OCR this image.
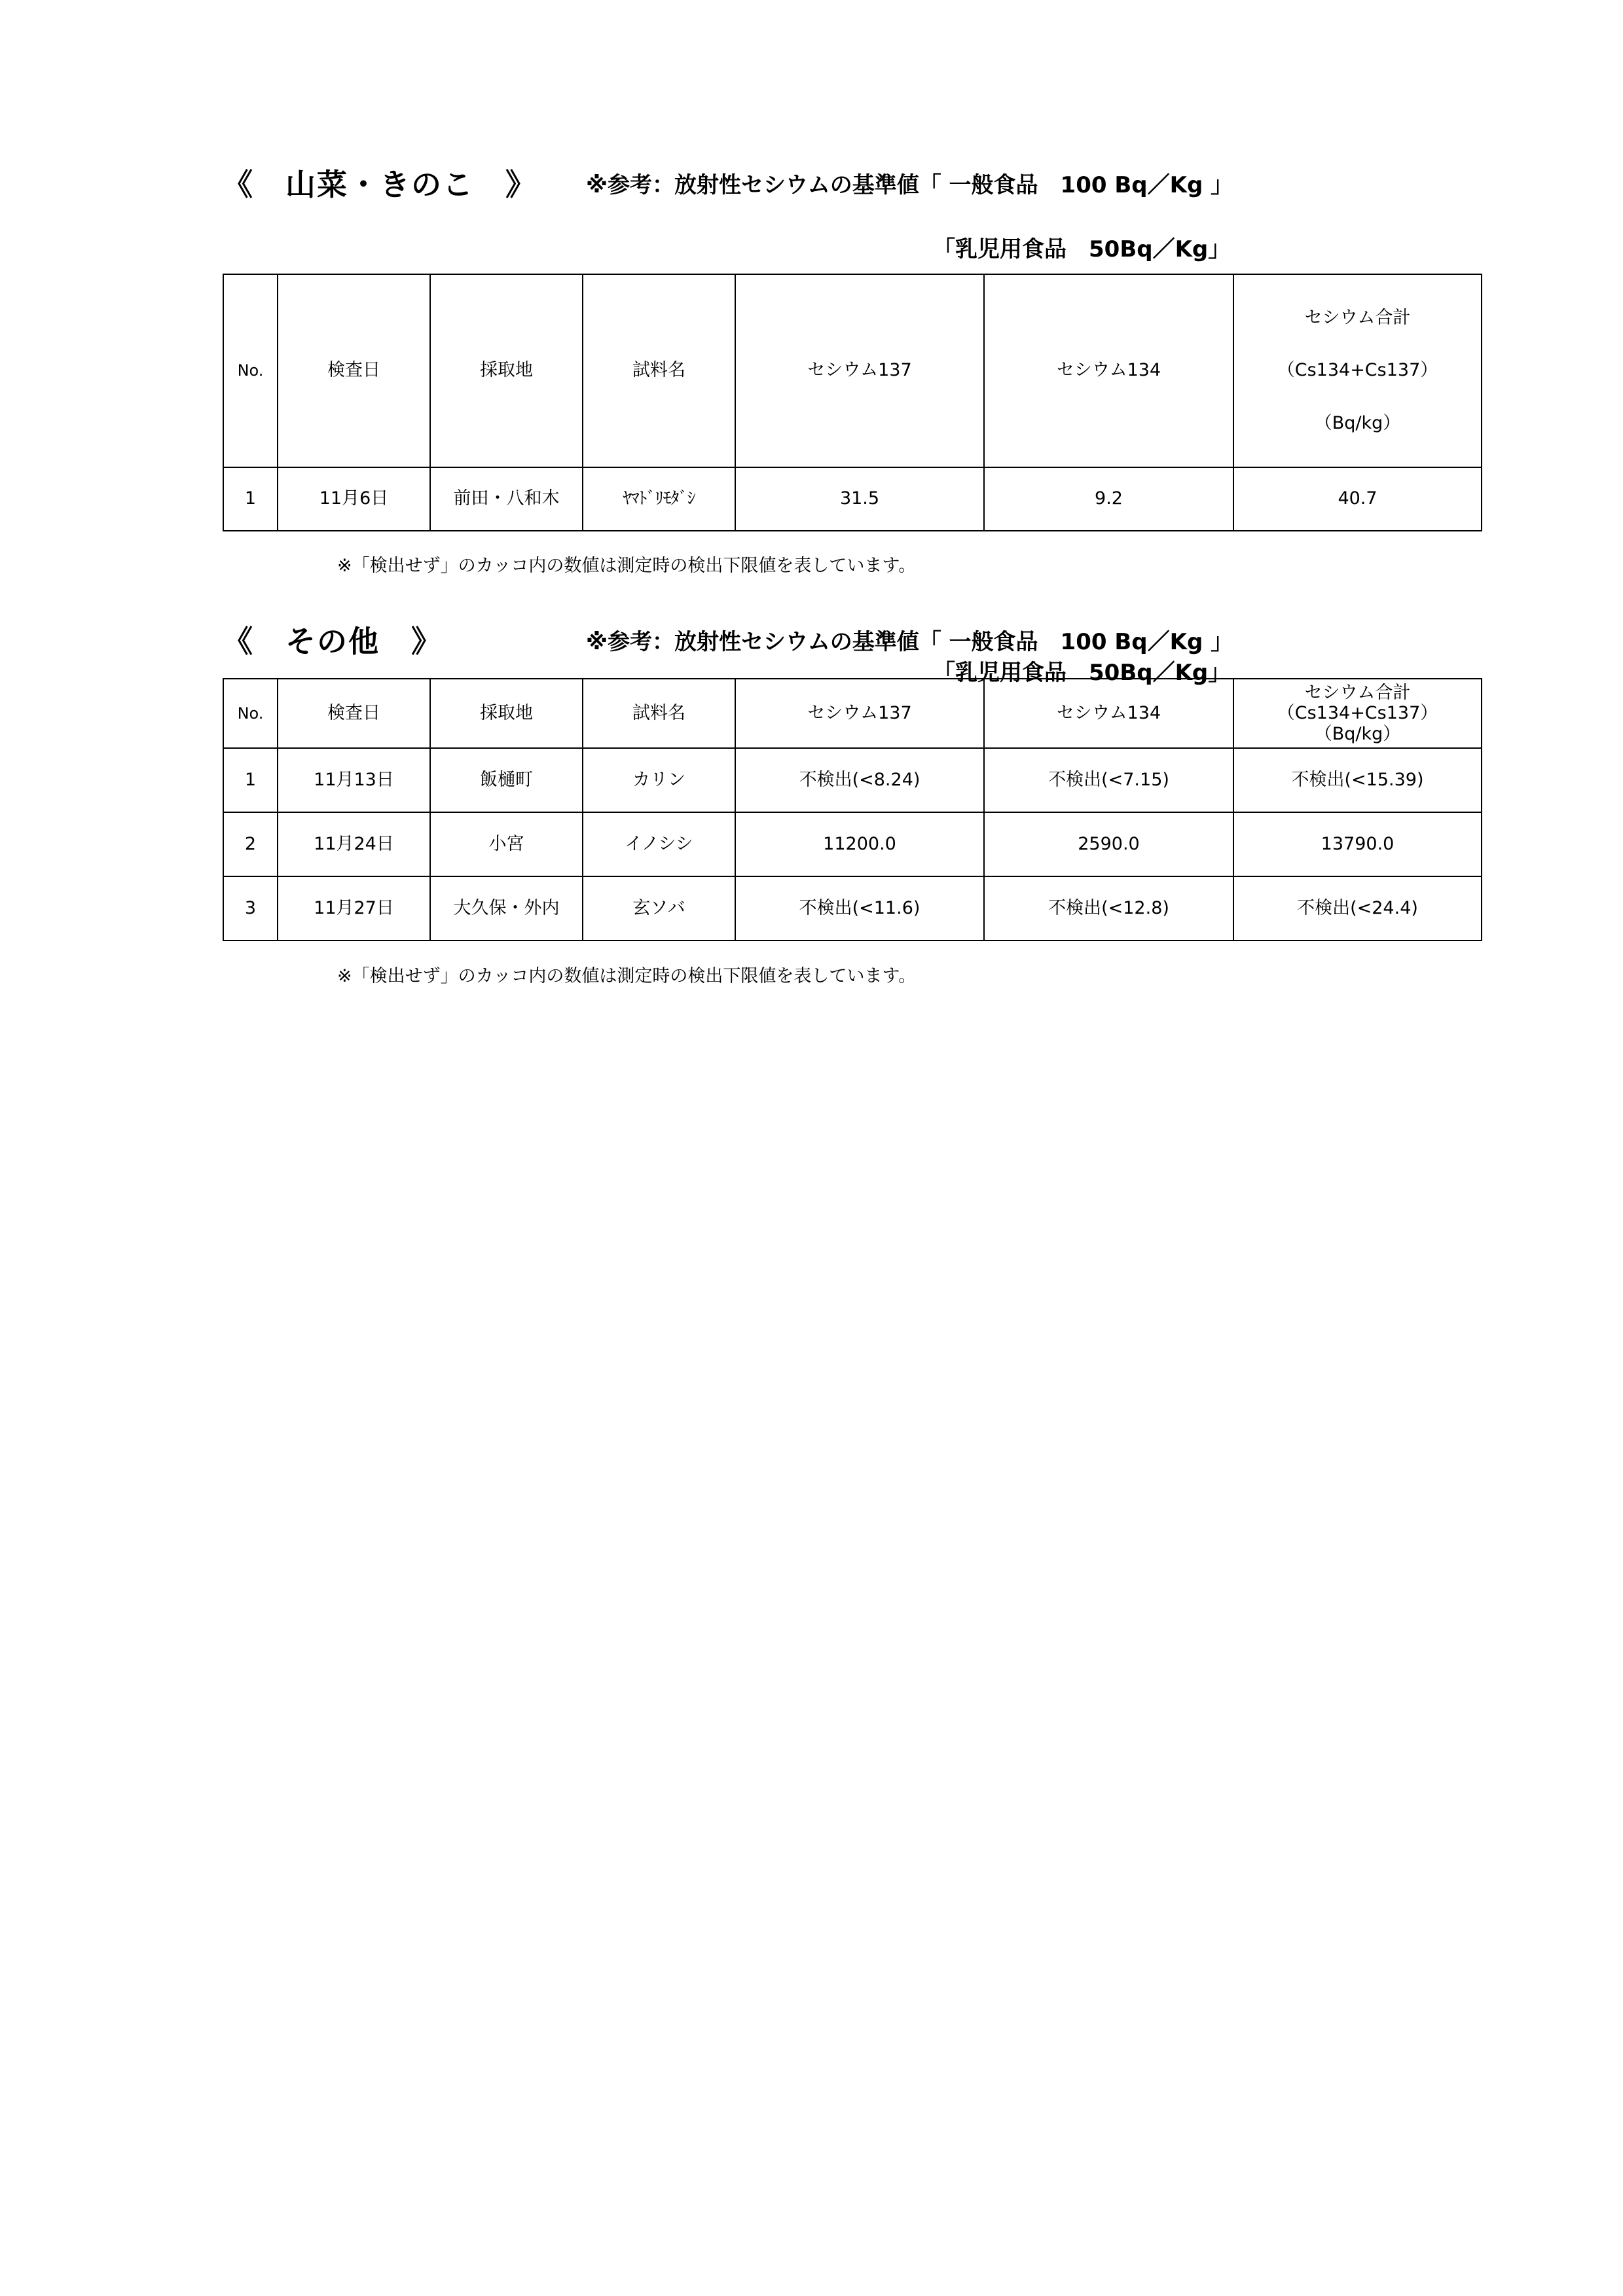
《　山菜・きのこ　》 ※参考：放射性セシウムの基準値「 一般食品　100 Bq／Kg 」
「乳児用食品　50Bq／Kg」
No.	検査日	採取地	試料名	セシウム137	セシウム134	セシウム合計
（Cs134+Cs137）
（Bq/kg）

1	11月6日	前田・八和木	ﾔﾏﾄﾞﾘﾓﾀﾞｼ	31.5	9.2	40.7
※「検出せず」のカッコ内の数値は測定時の検出下限値を表しています。
《　その他　》	※参考：放射性セシウムの基準値「 一般食品　100 Bq／Kg 」
「乳児用食品　50Bq／Kg」
No.	検査日	採取地	試料名	セシウム137	セシウム134	セシウム合計
（Cs134+Cs137）
（Bq/kg）

1	11月13日	飯樋町	カリン	不検出(<8.24)	不検出(<7.15)	不検出(<15.39)
2	11月24日	小宮	イノシシ	11200.0	2590.0	13790.0
3	11月27日	大久保・外内	玄ソバ	不検出(<11.6)	不検出(<12.8)	不検出(<24.4)
※「検出せず」のカッコ内の数値は測定時の検出下限値を表しています。
